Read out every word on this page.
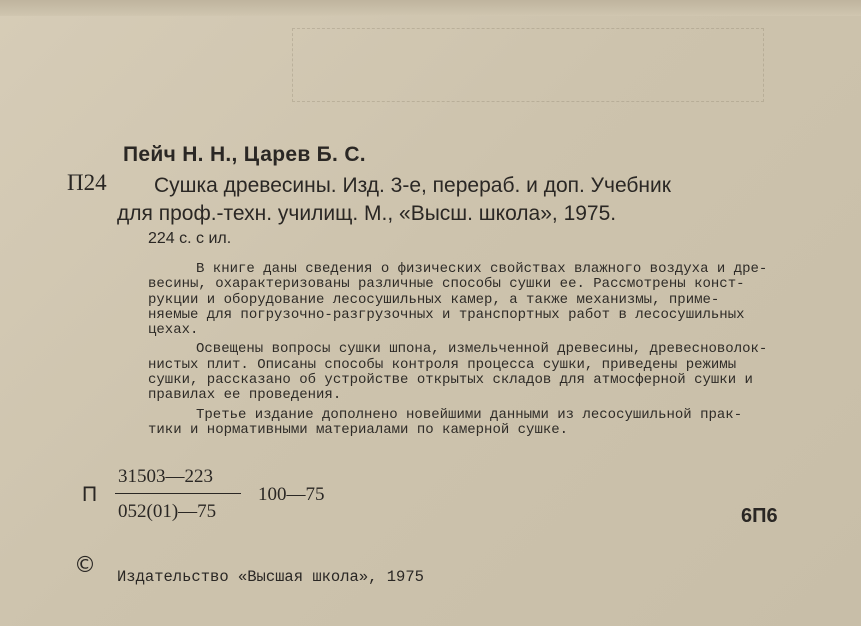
Пейч Н. Н., Царев Б. С.
П24 Сушка древесины. Изд. 3-е, перераб. и доп. Учебник
для проф.-техн. училищ. М., «Высш. школа», 1975.
224 с. с ил.

В книге даны сведения о физических свойствах влажного воздуха и дре-
весины, охарактеризованы различные способы сушки ее. Рассмотрены конст-
рукции и оборудование лесосушильных камер, а также механизмы, приме-
няемые для погрузочно-разгрузочных и транспортных работ в лесосушильных
цехах.

Освещены вопросы сушки шпона, измельченной древесины, древесноволок-
нистых плит. Описаны способы контроля процесса сушки, приведены режимы
сушки, рассказано об устройстве открытых складов для атмосферной сушки и
правилах ее проведения.

Третье издание дополнено новейшими данными из лесосушильной прак-
тики и нормативными материалами по камерной сушке.

П
31503—223
052(01)—75
100—75
6П6
© Издательство «Высшая школа», 1975
